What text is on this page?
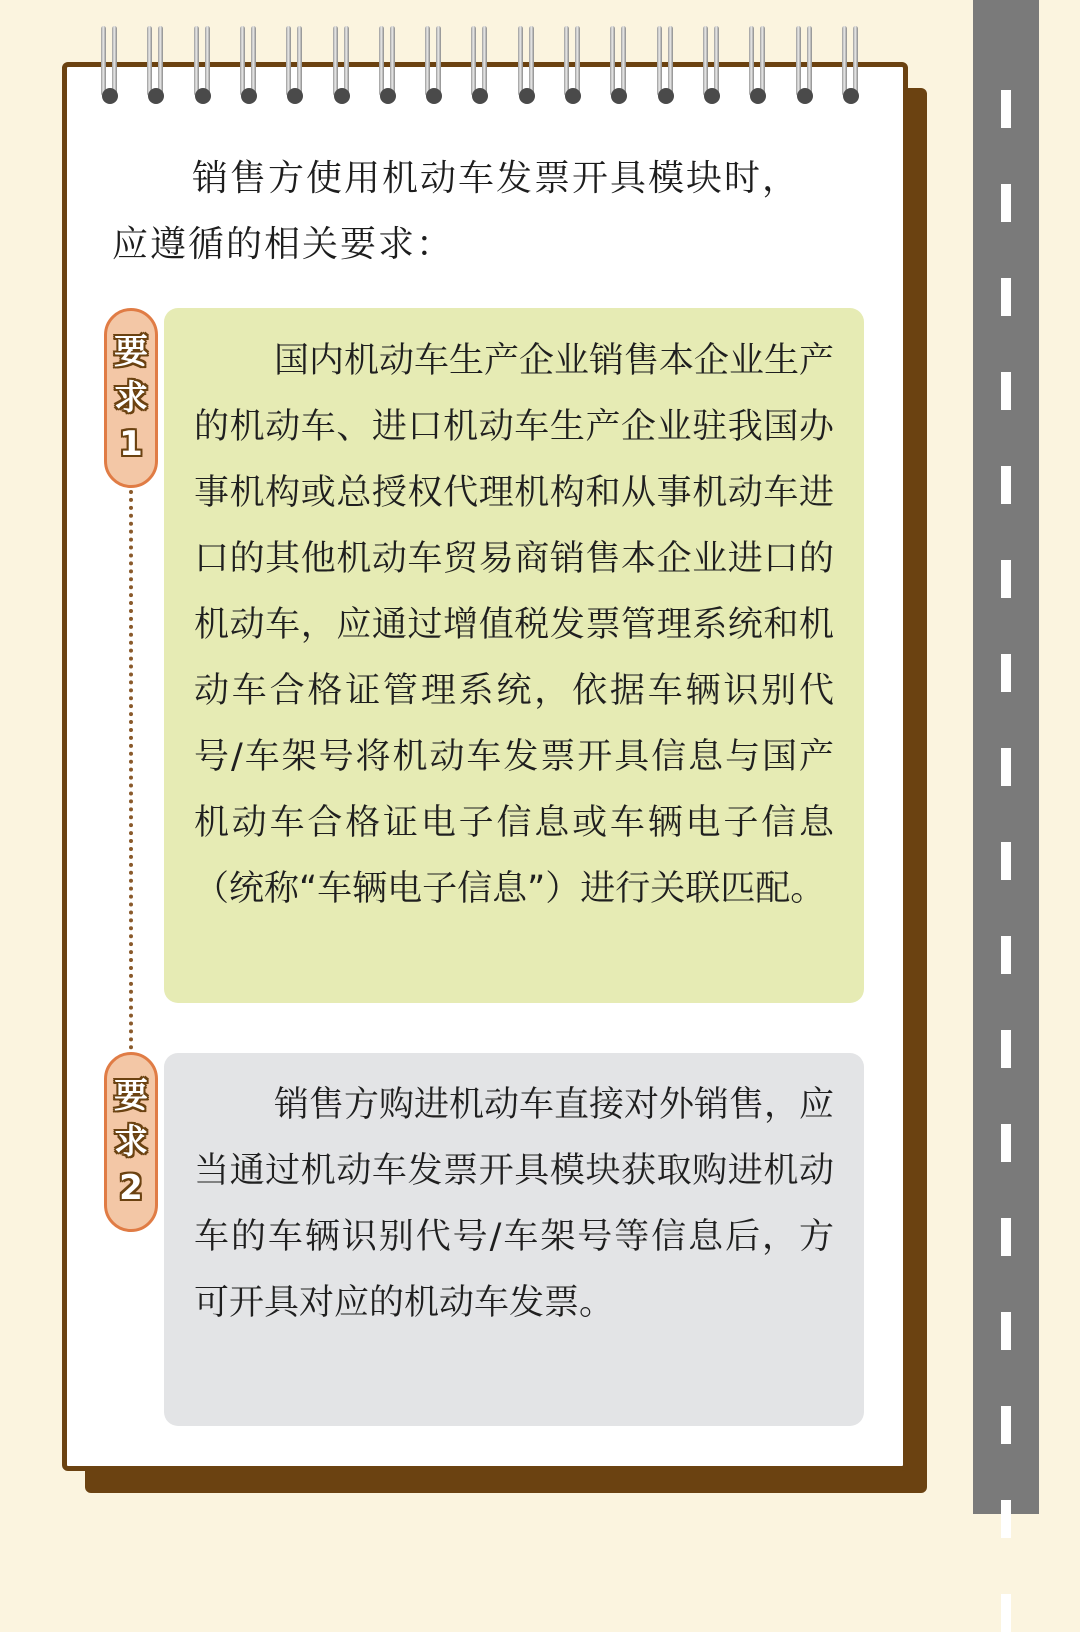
销售方使用机动车发票开具模块时，
应遵循的相关要求：

要
求
1

国内机动车生产企业销售本企业生产的机动车、进口机动车生产企业驻我国办事机构或总授权代理机构和从事机动车进口的其他机动车贸易商销售本企业进口的机动车，应通过增值税发票管理系统和机动车合格证管理系统，依据车辆识别代号/车架号将机动车发票开具信息与国产机动车合格证电子信息或车辆电子信息（统称“车辆电子信息”）进行关联匹配。

要
求
2

销售方购进机动车直接对外销售，应当通过机动车发票开具模块获取购进机动车的车辆识别代号/车架号等信息后，方可开具对应的机动车发票。
